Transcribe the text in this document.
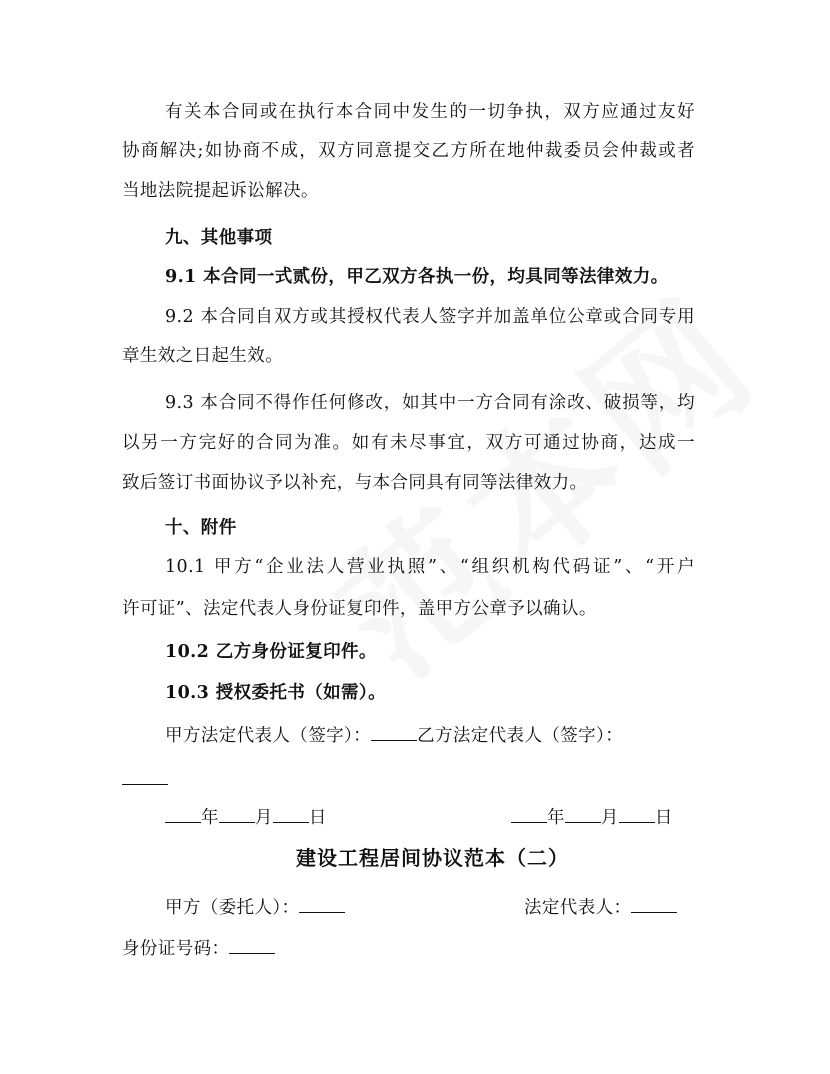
有关本合同或在执行本合同中发生的一切争执，双方应通过友好
协商解决;如协商不成，双方同意提交乙方所在地仲裁委员会仲裁或者
当地法院提起诉讼解决。
九、其他事项
9.1 本合同一式贰份，甲乙双方各执一份，均具同等法律效力。
9.2 本合同自双方或其授权代表人签字并加盖单位公章或合同专用
章生效之日起生效。
9.3 本合同不得作任何修改，如其中一方合同有涂改、破损等，均
以另一方完好的合同为准。如有未尽事宜，双方可通过协商，达成一
致后签订书面协议予以补充，与本合同具有同等法律效力。
十、附件
10.1 甲方“企业法人营业执照”、“组织机构代码证”、“开户
许可证”、法定代表人身份证复印件，盖甲方公章予以确认。
10.2 乙方身份证复印件。
10.3 授权委托书（如需）。
甲方法定代表人（签字）：	乙方法定代表人（签字）：
年 月 日	年 月 日
建设工程居间协议范本（二）
甲方（委托人）：	法定代表人：
身份证号码：
